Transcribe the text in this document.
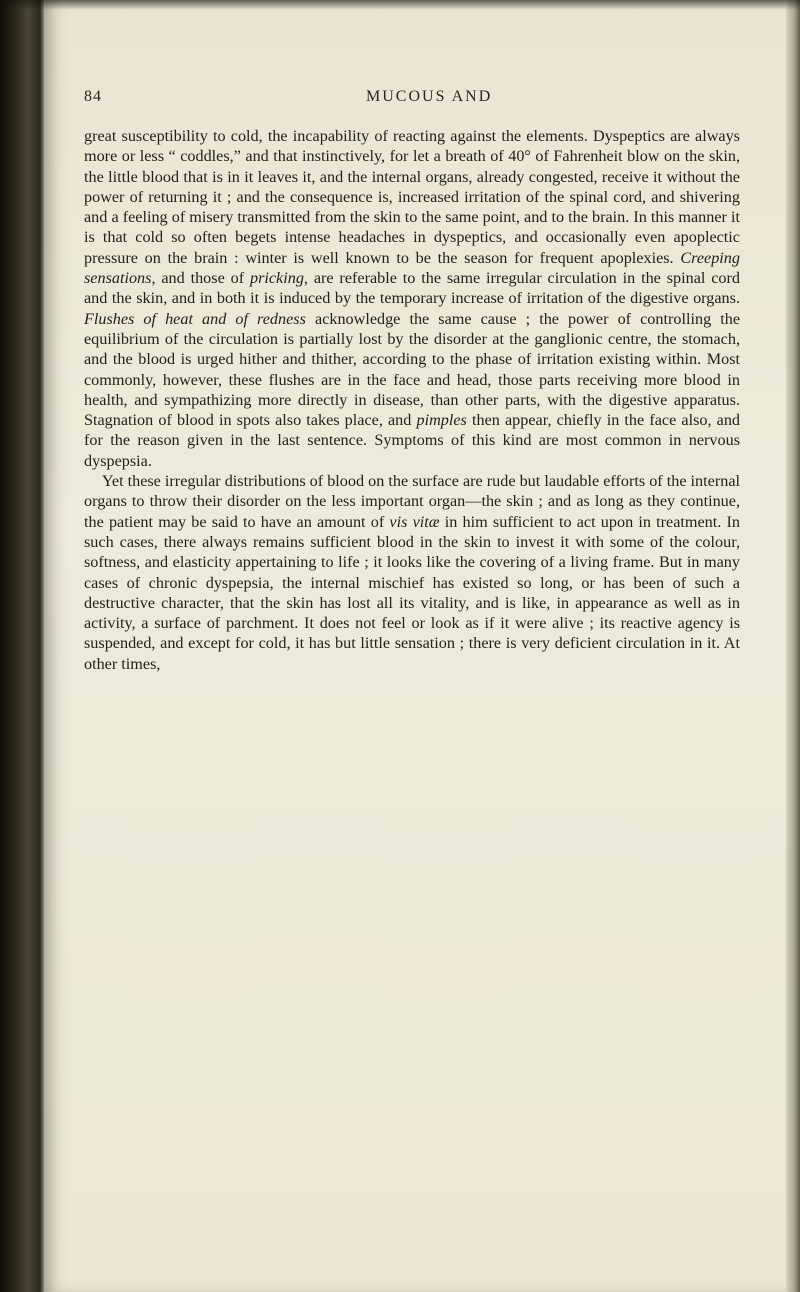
84	MUCOUS AND

great susceptibility to cold, the incapability of reacting against the elements. Dyspeptics are always more or less “ coddles,” and that instinctively, for let a breath of 40° of Fahrenheit blow on the skin, the little blood that is in it leaves it, and the internal organs, already congested, receive it without the power of returning it ; and the consequence is, increased irritation of the spinal cord, and shivering and a feeling of misery transmitted from the skin to the same point, and to the brain. In this manner it is that cold so often begets intense headaches in dyspeptics, and occasionally even apoplectic pressure on the brain : winter is well known to be the season for frequent apoplexies. Creeping sensations, and those of pricking, are referable to the same irregular circulation in the spinal cord and the skin, and in both it is induced by the temporary increase of irritation of the digestive organs. Flushes of heat and of redness acknowledge the same cause ; the power of controlling the equilibrium of the circulation is partially lost by the disorder at the ganglionic centre, the stomach, and the blood is urged hither and thither, according to the phase of irritation existing within. Most commonly, however, these flushes are in the face and head, those parts receiving more blood in health, and sympathizing more directly in disease, than other parts, with the digestive apparatus. Stagnation of blood in spots also takes place, and pimples then appear, chiefly in the face also, and for the reason given in the last sentence. Symptoms of this kind are most common in nervous dyspepsia.

Yet these irregular distributions of blood on the surface are rude but laudable efforts of the internal organs to throw their disorder on the less important organ—the skin ; and as long as they continue, the patient may be said to have an amount of vis vitæ in him sufficient to act upon in treatment. In such cases, there always remains sufficient blood in the skin to invest it with some of the colour, softness, and elasticity appertaining to life ; it looks like the covering of a living frame. But in many cases of chronic dyspepsia, the internal mischief has existed so long, or has been of such a destructive character, that the skin has lost all its vitality, and is like, in appearance as well as in activity, a surface of parchment. It does not feel or look as if it were alive ; its reactive agency is suspended, and except for cold, it has but little sensation ; there is very deficient circulation in it. At other times,
